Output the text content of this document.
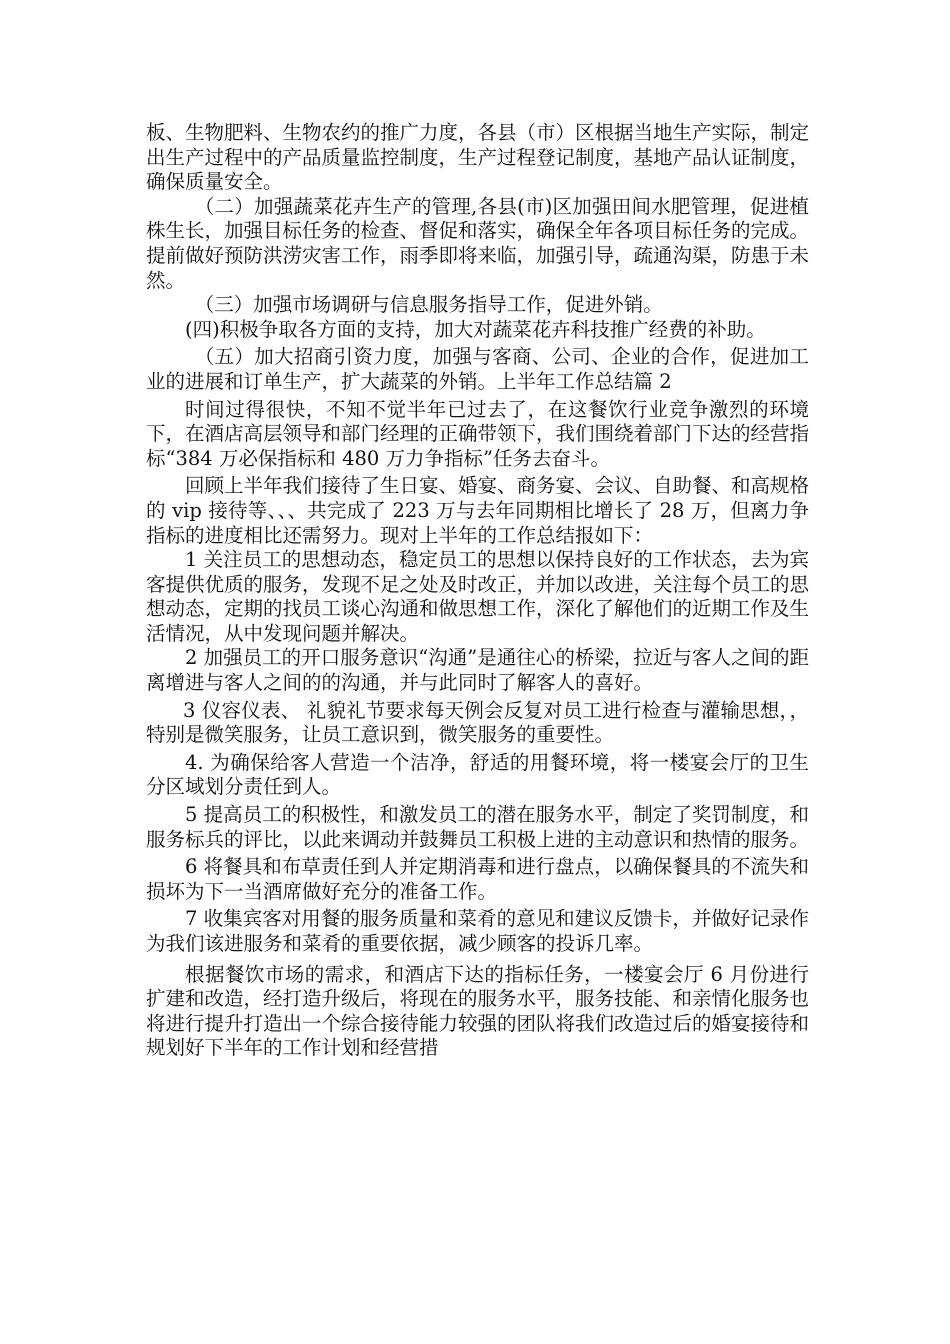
板、生物肥料、生物农约的推广力度，各县（市）区根据当地生产实际，制定出生产过程中的产品质量监控制度，生产过程登记制度，基地产品认证制度，确保质量安全。

（二）加强蔬菜花卉生产的管理,各县(市)区加强田间水肥管理，促进植株生长，加强目标任务的检查、督促和落实，确保全年各项目标任务的完成。提前做好预防洪涝灾害工作，雨季即将来临，加强引导，疏通沟渠，防患于未然。

（三）加强市场调研与信息服务指导工作，促进外销。

(四)积极争取各方面的支持，加大对蔬菜花卉科技推广经费的补助。

（五）加大招商引资力度，加强与客商、公司、企业的合作，促进加工业的进展和订单生产，扩大蔬菜的外销。上半年工作总结篇 2

时间过得很快，不知不觉半年已过去了，在这餐饮行业竞争激烈的环境下，在酒店高层领导和部门经理的正确带领下，我们围绕着部门下达的经营指标“384 万必保指标和 480 万力争指标”任务去奋斗。

回顾上半年我们接待了生日宴、婚宴、商务宴、会议、自助餐、和高规格的 vip 接待等、、、共完成了 223 万与去年同期相比增长了 28 万，但离力争指标的进度相比还需努力。现对上半年的工作总结报如下：

1 关注员工的思想动态，稳定员工的思想以保持良好的工作状态，去为宾客提供优质的服务，发现不足之处及时改正，并加以改进，关注每个员工的思想动态，定期的找员工谈心沟通和做思想工作，深化了解他们的近期工作及生活情况，从中发现问题并解决。

2 加强员工的开口服务意识“沟通”是通往心的桥梁，拉近与客人之间的距离增进与客人之间的的沟通，并与此同时了解客人的喜好。

3 仪容仪表、 礼貌礼节要求每天例会反复对员工进行检查与灌输思想，，特别是微笑服务，让员工意识到，微笑服务的重要性。

4. 为确保给客人营造一个洁净，舒适的用餐环境，将一楼宴会厅的卫生分区域划分责任到人。

5 提高员工的积极性，和激发员工的潜在服务水平，制定了奖罚制度，和服务标兵的评比，以此来调动并鼓舞员工积极上进的主动意识和热情的服务。

6 将餐具和布草责任到人并定期消毒和进行盘点，以确保餐具的不流失和损坏为下一当酒席做好充分的准备工作。

7 收集宾客对用餐的服务质量和菜肴的意见和建议反馈卡，并做好记录作为我们该进服务和菜肴的重要依据，减少顾客的投诉几率。

根据餐饮市场的需求，和酒店下达的指标任务，一楼宴会厅 6 月份进行扩建和改造，经打造升级后，将现在的服务水平，服务技能、和亲情化服务也将进行提升打造出一个综合接待能力较强的团队将我们改造过后的婚宴接待和规划好下半年的工作计划和经营措
